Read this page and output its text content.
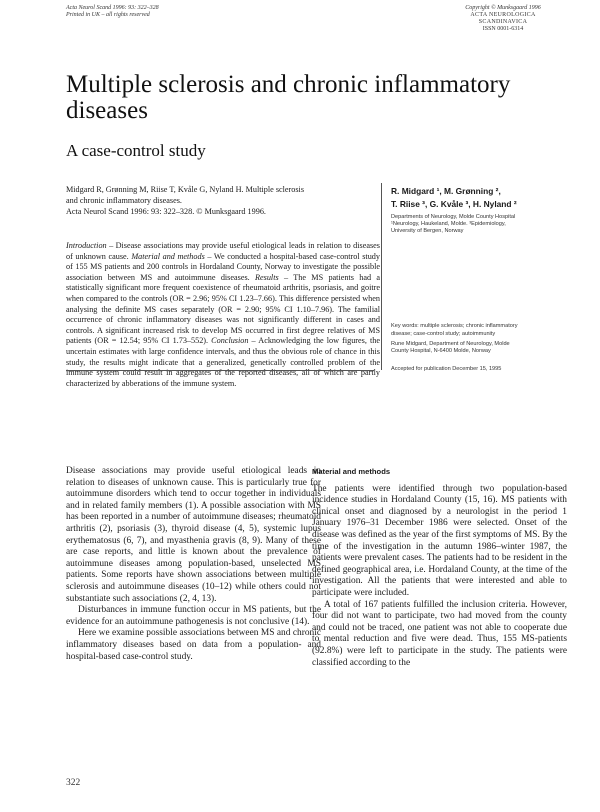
Acta Neurol Scand 1996: 93: 322–328
Printed in UK – all rights reserved
Copyright © Munksgaard 1996
ACTA NEUROLOGICA
SCANDINAVICA
ISSN 0001-6314
Multiple sclerosis and chronic inflammatory diseases
A case-control study
Midgard R, Grønning M, Riise T, Kvåle G, Nyland H. Multiple sclerosis
and chronic inflammatory diseases.
Acta Neurol Scand 1996: 93: 322–328. © Munksgaard 1996.
Introduction – Disease associations may provide useful etiological leads in relation to diseases of unknown cause. Material and methods – We conducted a hospital-based case-control study of 155 MS patients and 200 controls in Hordaland County, Norway to investigate the possible association between MS and autoimmune diseases. Results – The MS patients had a statistically significant more frequent coexistence of rheumatoid arthritis, psoriasis, and goitre when compared to the controls (OR = 2.96; 95% CI 1.23–7.66). This difference persisted when analysing the definite MS cases separately (OR = 2.90; 95% CI 1.10–7.96). The familial occurrence of chronic inflammatory diseases was not significantly different in cases and controls. A significant increased risk to develop MS occurred in first degree relatives of MS patients (OR = 12.54; 95% CI 1.73–552). Conclusion – Acknowledging the low figures, the uncertain estimates with large confidence intervals, and thus the obvious role of chance in this study, the results might indicate that a generalized, genetically controlled problem of the immune system could result in aggregates of the reported diseases, all of which are partly characterized by abberations of the immune system.
R. Midgard ¹, M. Grønning ²,
T. Riise ³, G. Kvåle ³, H. Nyland ²
Departments of Neurology, Molde County Hospital
¹Neurology, Haukeland, Molde. ³Epidemiology,
University of Bergen, Norway
Key words: multiple sclerosis; chronic inflammatory
disease; case-control study; autoimmunity
Rune Midgard, Department of Neurology, Molde
County Hospital, N-6400 Molde, Norway
Accepted for publication December 15, 1995

Disease associations may provide useful etiological leads in relation to diseases of unknown cause. This is particularly true for autoimmune disorders which tend to occur together in individuals and in related family members (1). A possible association with MS has been reported in a number of autoimmune diseases; rheumatoid arthritis (2), psoriasis (3), thyroid disease (4, 5), systemic lupus erythematosus (6, 7), and myasthenia gravis (8, 9). Many of these are case reports, and little is known about the prevalence of autoimmune diseases among population-based, unselected MS patients. Some reports have shown associations between multiple sclerosis and autoimmune diseases (10–12) while others could not substantiate such associations (2, 4, 13).

Disturbances in immune function occur in MS patients, but the evidence for an autoimmune pathogenesis is not conclusive (14).

Here we examine possible associations between MS and chronic inflammatory diseases based on data from a population- and hospital-based case-control study.

Material and methods

The patients were identified through two population-based incidence studies in Hordaland County (15, 16). MS patients with clinical onset and diagnosed by a neurologist in the period 1 January 1976–31 December 1986 were selected. Onset of the disease was defined as the year of the first symptoms of MS. By the time of the investigation in the autumn 1986–winter 1987, the patients were prevalent cases. The patients had to be resident in the defined geographical area, i.e. Hordaland County, at the time of the investigation. All the patients that were interested and able to participate were included.

A total of 167 patients fulfilled the inclusion criteria. However, four did not want to participate, two had moved from the county and could not be traced, one patient was not able to cooperate due to mental reduction and five were dead. Thus, 155 MS-patients (92.8%) were left to participate in the study. The patients were classified according to the

322
